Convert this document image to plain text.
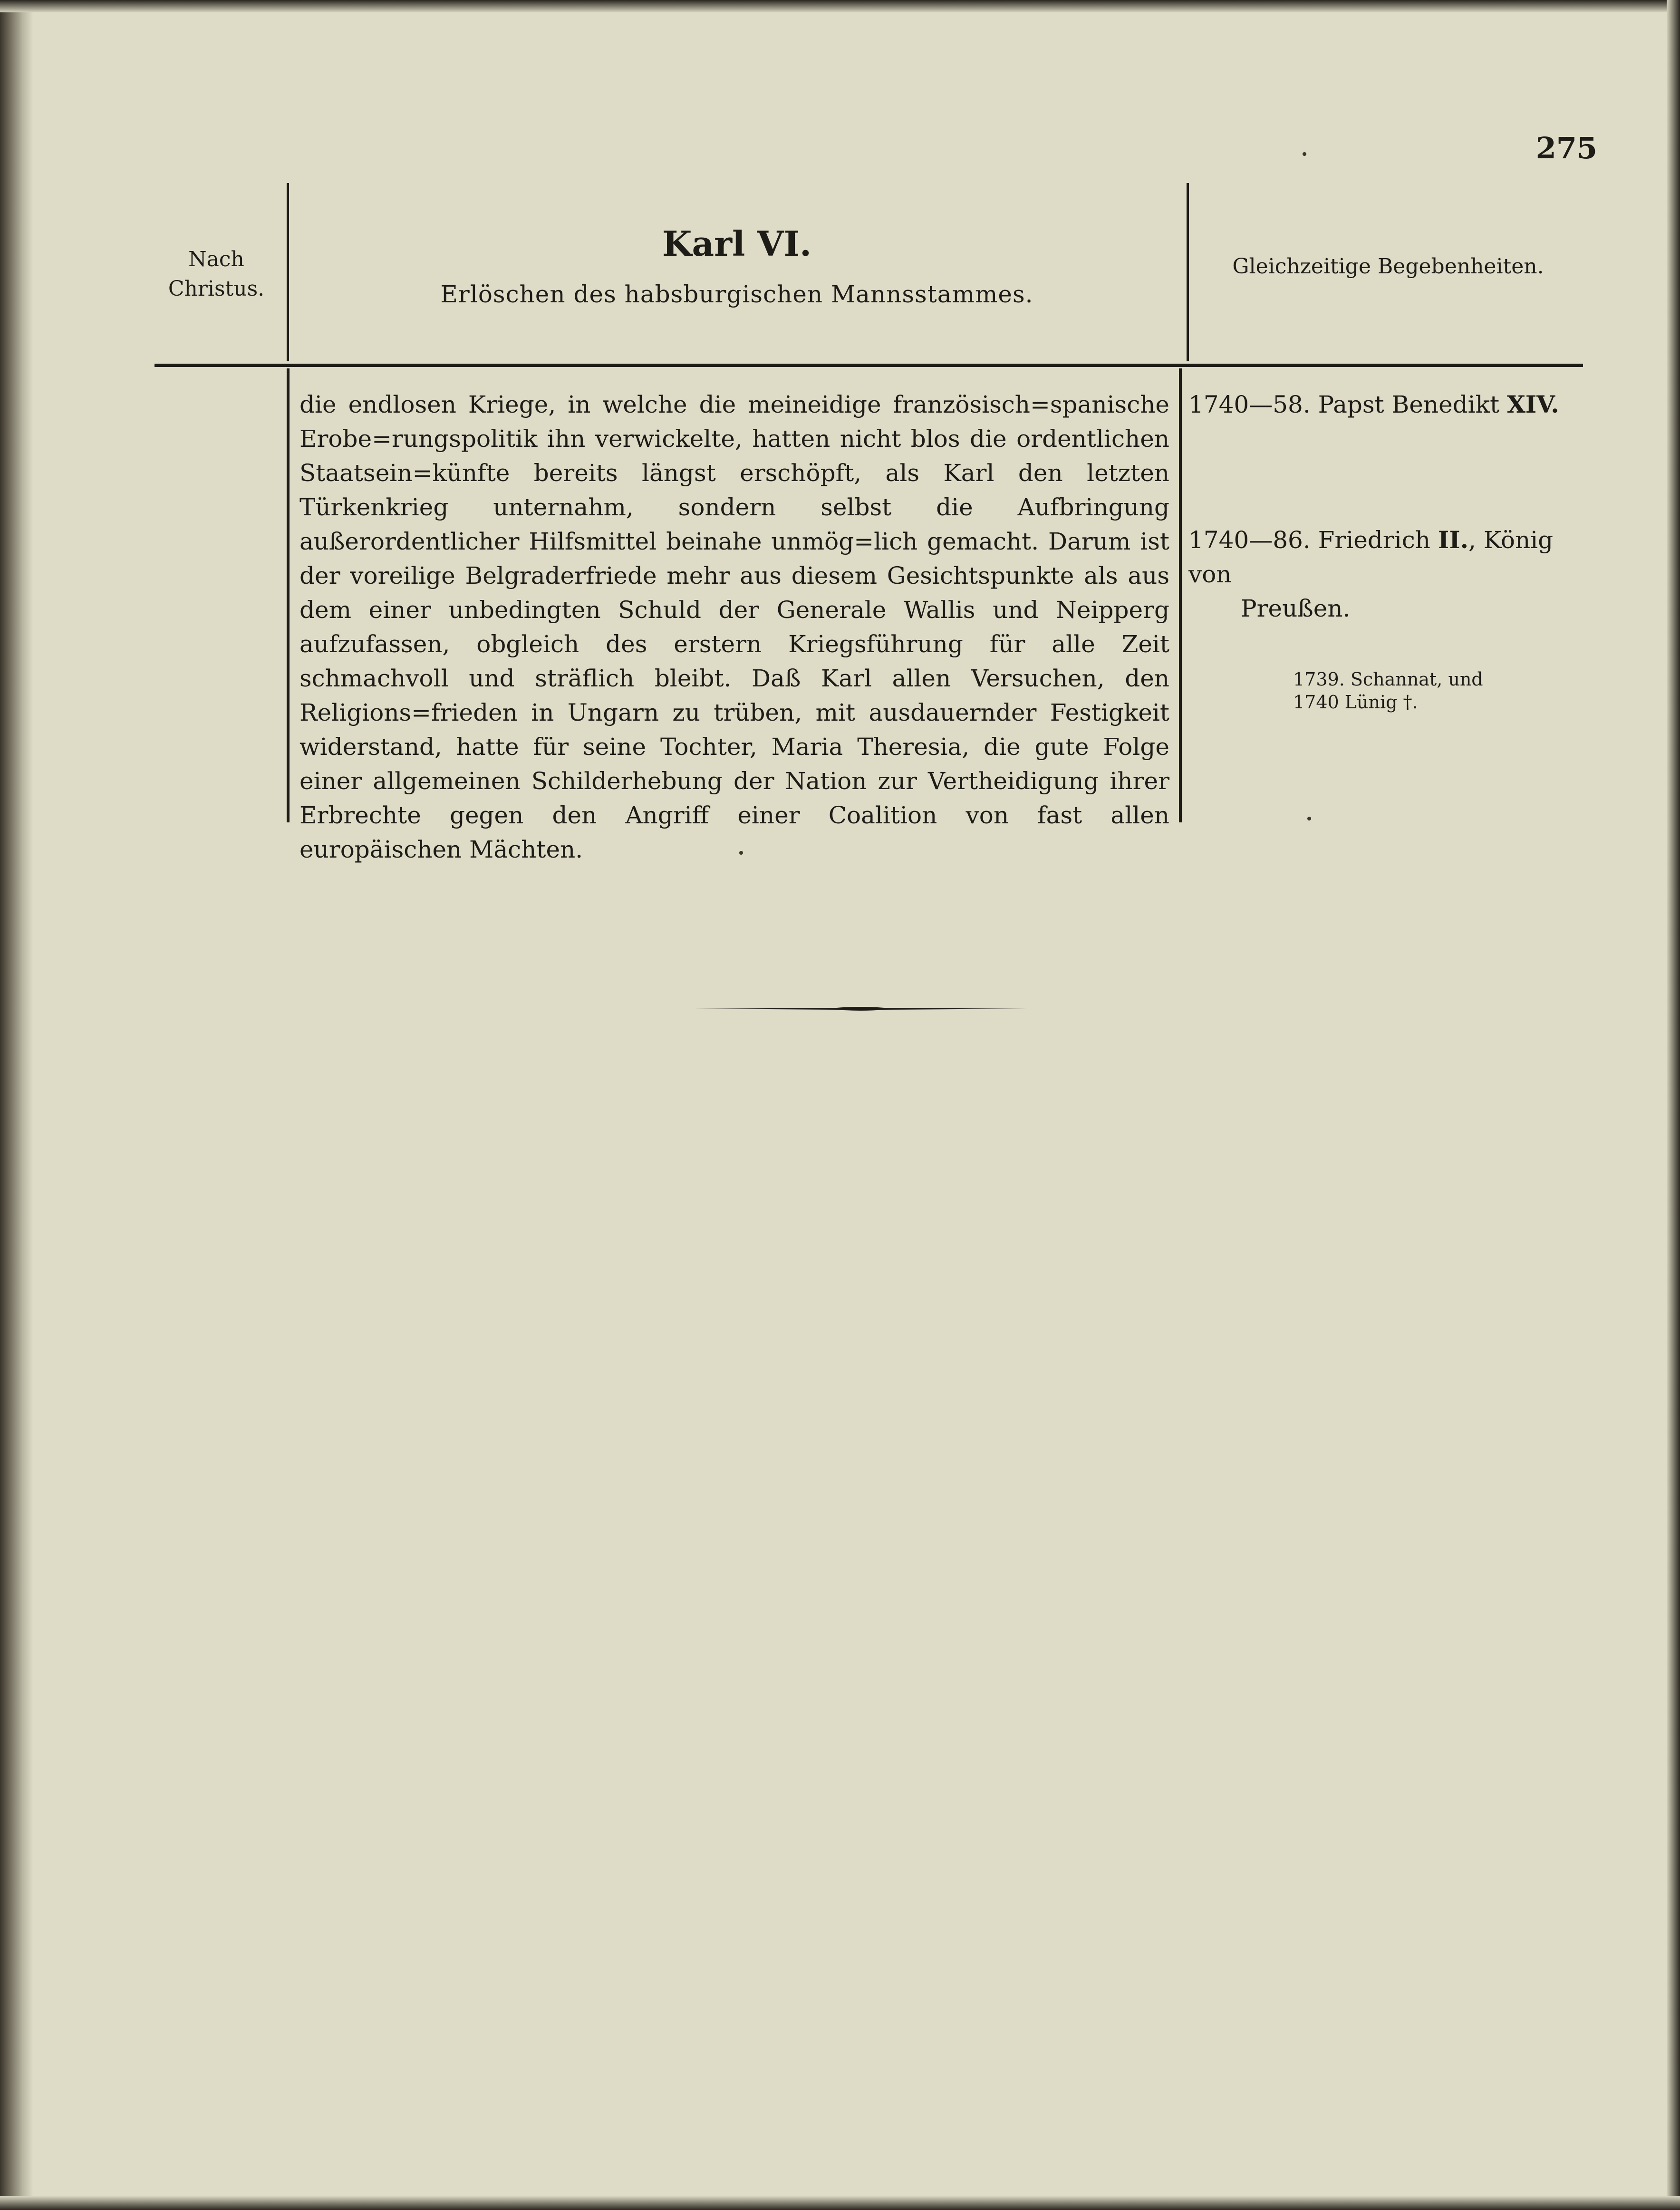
275
Nach
Christus.
Karl VI.
Erlöschen des habsburgischen Mannsstammes.
Gleichzeitige Begebenheiten.

die endlosen Kriege, in welche die meineidige französisch=spanische Erobe=rungspolitik ihn verwickelte, hatten nicht blos die ordentlichen Staatsein=künfte bereits längst erschöpft, als Karl den letzten Türkenkrieg unternahm, sondern selbst die Aufbringung außerordentlicher Hilfsmittel beinahe unmög=lich gemacht. Darum ist der voreilige Belgraderfriede mehr aus diesem Gesichtspunkte als aus dem einer unbedingten Schuld der Generale Wallis und Neipperg aufzufassen, obgleich des erstern Kriegsführung für alle Zeit schmachvoll und sträflich bleibt. Daß Karl allen Versuchen, den Religions=frieden in Ungarn zu trüben, mit ausdauernder Festigkeit widerstand, hatte für seine Tochter, Maria Theresia, die gute Folge einer allgemeinen Schilderhebung der Nation zur Vertheidigung ihrer Erbrechte gegen den Angriff einer Coalition von fast allen europäischen Mächten.

1740—58. Papst Benedikt XIV.
1740—86. Friedrich II., König von
Preußen.
1739. Schannat, und
1740 Lünig †.
